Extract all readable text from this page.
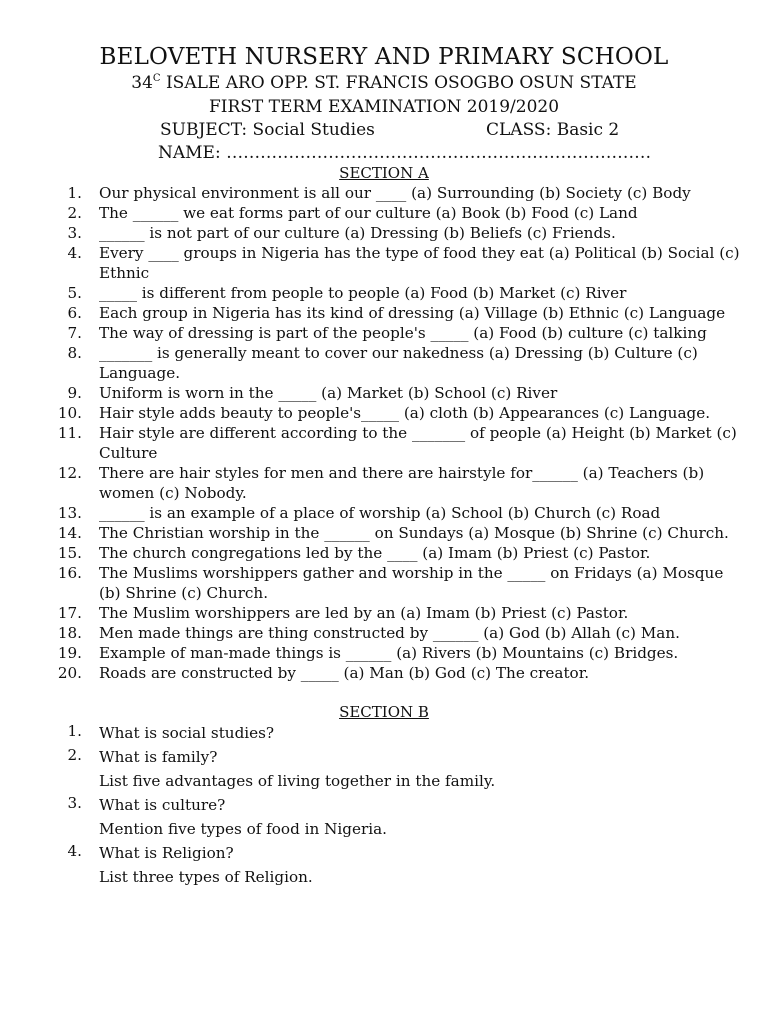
BELOVETH NURSERY AND PRIMARY SCHOOL
$34^C$ ISALE ARO OPP. ST. FRANCIS OSOGBO OSUN STATE
FIRST TERM EXAMINATION 2019/2020
SUBJECT: Social Studies	CLASS: Basic 2
NAME: …………………………………………………………………
SECTION A
1. Our physical environment is all our ____ (a) Surrounding (b) Society (c) Body
2. The ______ we eat forms part of our culture (a) Book (b) Food (c) Land
3. ______ is not part of our culture (a) Dressing (b) Beliefs (c) Friends.
4. Every ____ groups in Nigeria has the type of food they eat (a) Political (b) Social (c) Ethnic
5. _____ is different from people to people (a) Food (b) Market (c) River
6. Each group in Nigeria has its kind of dressing (a) Village (b) Ethnic (c) Language
7. The way of dressing is part of the people's _____ (a) Food (b) culture (c) talking
8. _______ is generally meant to cover our nakedness (a) Dressing (b) Culture (c) Language.
9. Uniform is worn in the _____ (a) Market (b) School (c) River
10. Hair style adds beauty to people's_____ (a) cloth (b) Appearances (c) Language.
11. Hair style are different according to the _______ of people (a) Height (b) Market (c) Culture
12. There are hair styles for men and there are hairstyle for______ (a) Teachers (b) women (c) Nobody.
13. ______ is an example of a place of worship (a) School (b) Church (c) Road
14. The Christian worship in the ______ on Sundays (a) Mosque (b) Shrine (c) Church.
15. The church congregations led by the ____ (a) Imam (b) Priest (c) Pastor.
16. The Muslims worshippers gather and worship in the _____ on Fridays (a) Mosque (b) Shrine (c) Church.
17. The Muslim worshippers are led by an (a) Imam (b) Priest (c) Pastor.
18. Men made things are thing constructed by ______ (a) God (b) Allah (c) Man.
19. Example of man-made things is ______ (a) Rivers (b) Mountains (c) Bridges.
20. Roads are constructed by _____ (a) Man (b) God (c) The creator.
SECTION B
1. What is social studies?
2. What is family?
List five advantages of living together in the family.
3. What is culture?
Mention five types of food in Nigeria.
4. What is Religion?
List three types of Religion.
